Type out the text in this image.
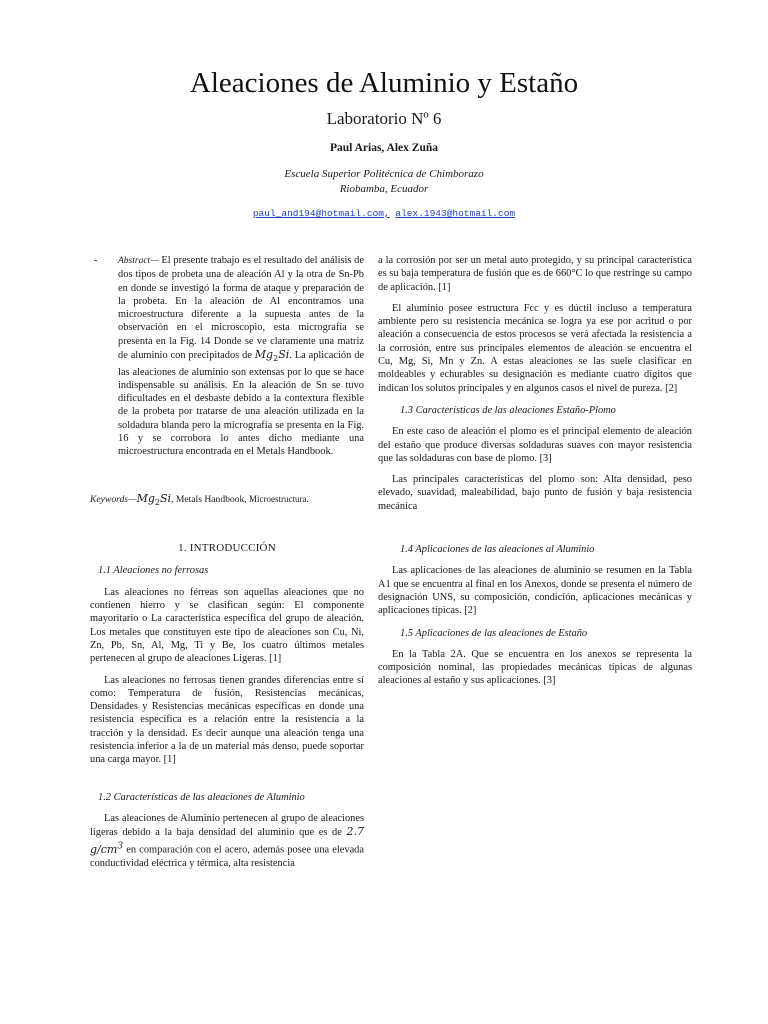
Aleaciones de Aluminio y Estaño
Laboratorio Nº 6
Paul Arias, Alex Zuña
Escuela Superior Politécnica de Chimborazo
Riobamba, Ecuador
paul_and194@hotmail.com, alex.1943@hotmail.com
- Abstract— El presente trabajo es el resultado del análisis de dos tipos de probeta una de aleación Al y la otra de Sn-Pb en donde se investigó la forma de ataque y preparación de la probeta. En la aleación de Al encontramos una microestructura diferente a la supuesta antes de la observación en el microscopio, esta micrografía se presenta en la Fig. 14 Donde se ve claramente una matriz de aluminio con precipitados de $Mg_2Si$. La aplicación de las aleaciones de aluminio son extensas por lo que se hace indispensable su análisis. En la aleación de Sn se tuvo dificultades en el desbaste debido a la contextura flexible de la probeta por tratarse de una aleación utilizada en la soldadura blanda pero la micrografía se presenta en la Fig. 16 y se corrobora lo antes dicho mediante una microestructura encontrada en el Metals Handbook.

$Keywords—Mg_2Si$, Metals Handbook, Microestructura.

1. INTRODUCCIÓN
1.1 Aleaciones no ferrosas

Las aleaciones no férreas son aquellas aleaciones que no contienen hierro y se clasifican según: El componente mayoritario o La característica específica del grupo de aleación. Los metales que constituyen este tipo de aleaciones son Cu, Ni, Zn, Pb, Sn, Al, Mg, Ti y Be, los cuatro últimos metales pertenecen al grupo de aleaciones Ligeras. [1]

Las aleaciones no ferrosas tienen grandes diferencias entre sí como: Temperatura de fusión, Resistencias mecánicas, Densidades y Resistencias mecánicas específicas en donde una resistencia específica es a relación entre la resistencia a la tracción y la densidad. Es decir aunque una aleación tenga una resistencia inferior a la de un material más denso, puede soportar una carga mayor. [1]

1.2 Características de las aleaciones de Aluminio

Las aleaciones de Aluminio pertenecen al grupo de aleaciones ligeras debido a la baja densidad del aluminio que es de 2.7 $g/cm^3$ en comparación con el acero, además posee una elevada conductividad eléctrica y térmica, alta resistencia

a la corrosión por ser un metal auto protegido, y su principal característica es su baja temperatura de fusión que es de 660°C lo que restringe su campo de aplicación. [1]

El aluminio posee estructura Fcc y es dúctil incluso a temperatura ambiente pero su resistencia mecánica se logra ya ese por acritud o por aleación a consecuencia de estos procesos se verá afectada la resistencia a la corrosión, entre sus principales elementos de aleación se encuentra el Cu, Mg, Si, Mn y Zn. A estas aleaciones se las suele clasificar en moldeables y echurables su designación es mediante cuatro dígitos que indican los solutos principales y en algunos casos el nivel de pureza. [2]

1.3 Características de las aleaciones Estaño-Plomo

En este caso de aleación el plomo es el principal elemento de aleación del estaño que produce diversas soldaduras suaves con mayor resistencia que las soldaduras con base de plomo. [3]

Las principales características del plomo son: Alta densidad, peso elevado, suavidad, maleabilidad, bajo punto de fusión y baja resistencia mecánica

1.4 Aplicaciones de las aleaciones al Aluminio

Las aplicaciones de las aleaciones de aluminio se resumen en la Tabla A1 que se encuentra al final en los Anexos, donde se presenta el número de designación UNS, su composición, condición, aplicaciones mecánicas y aplicaciones típicas. [2]

1.5 Aplicaciones de las aleaciones de Estaño

En la Tabla 2A. Que se encuentra en los anexos se representa la composición nominal, las propiedades mecánicas típicas de algunas aleaciones al estaño y sus aplicaciones. [3]
